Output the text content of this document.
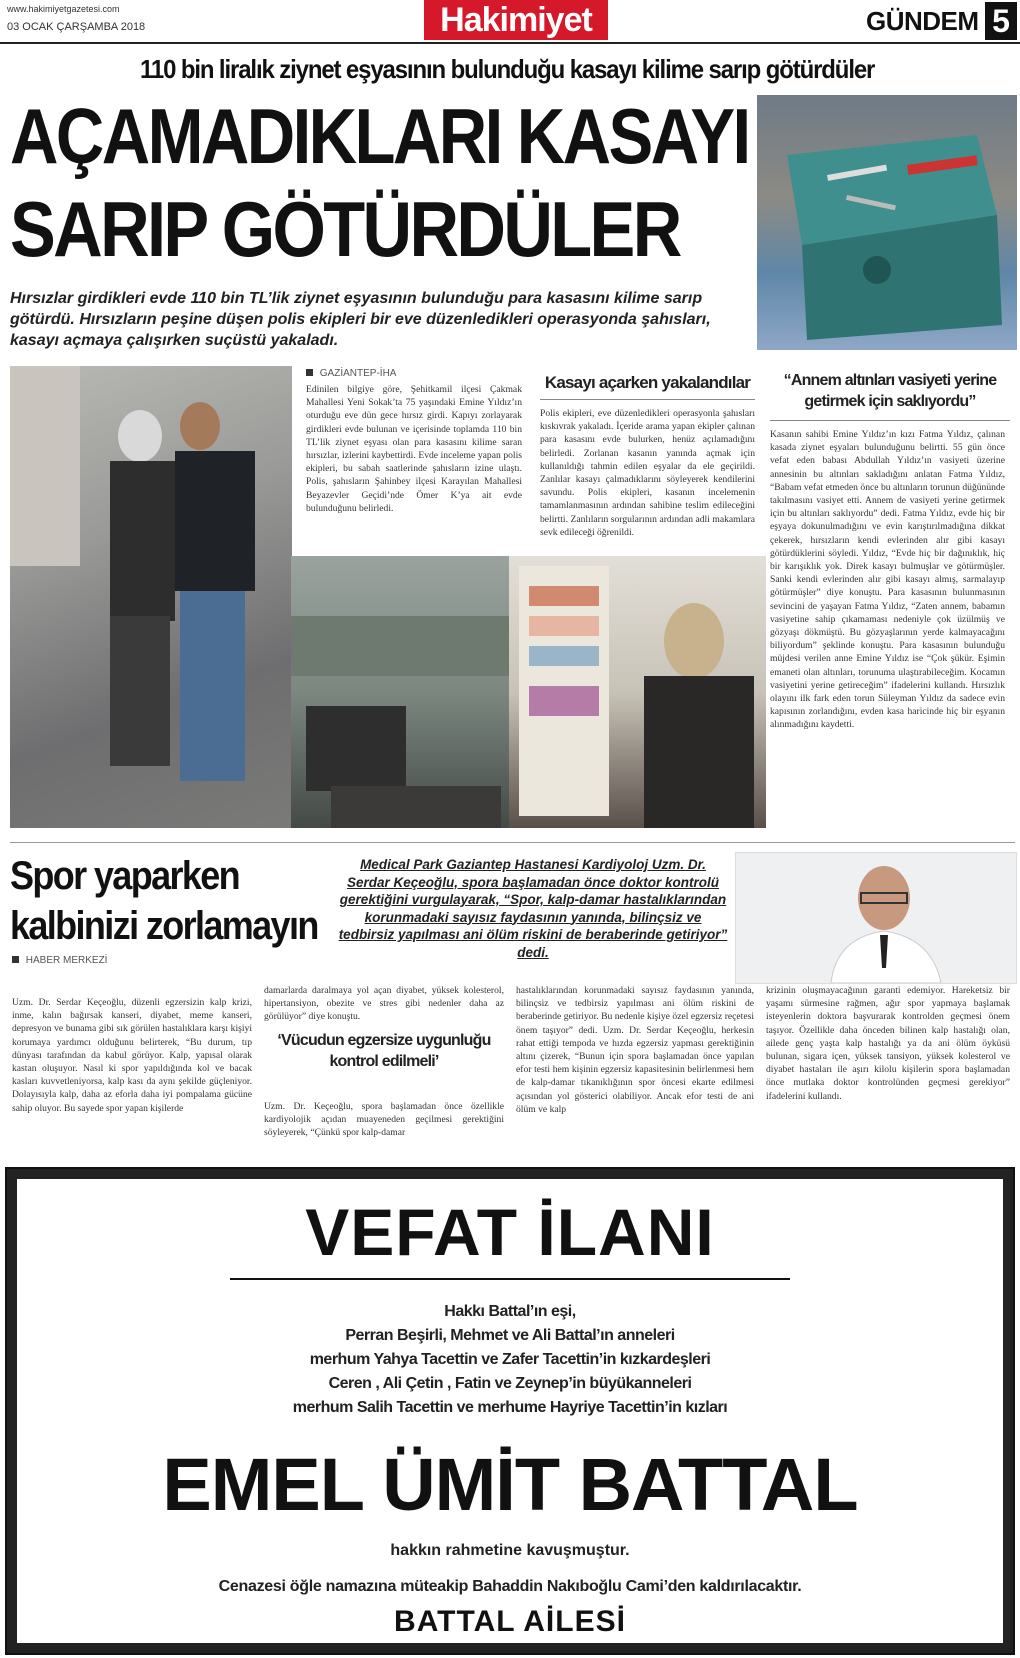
www.hakimiyetgazetesi.com
03 OCAK ÇARŞAMBA 2018	Hakimiyet	GÜNDEM 5
110 bin liralık ziynet eşyasının bulunduğu kasayı kilime sarıp götürdüler
AÇAMADIKLARI KASAYI
SARIP GÖTÜRDÜLER
Hırsızlar girdikleri evde 110 bin TL’lik ziynet eşyasının bulunduğu para kasasını kilime sarıp götürdü. Hırsızların peşine düşen polis ekipleri bir eve düzenledikleri operasyonda şahısları, kasayı açmaya çalışırken suçüstü yakaladı.
GAZİANTEP-İHA
Edinilen bilgiye göre, Şehitkamil ilçesi Çakmak Mahallesi Yeni Sokak’ta 75 yaşındaki Emine Yıldız’ın oturduğu eve dün gece hırsız girdi. Kapıyı zorlayarak girdikleri evde bulunan ve içerisinde toplamda 110 bin TL’lik ziynet eşyası olan para kasasını kilime saran hırsızlar, izlerini kaybettirdi. Evde inceleme yapan polis ekipleri, bu sabah saatlerinde şahısların izine ulaştı. Polis, şahısların Şahinbey ilçesi Karayılan Mahallesi Beyazevler Geçidi’nde Ömer K’ya ait evde bulunduğunu belirledi.
Kasayı açarken yakalandılar
Polis ekipleri, eve düzenledikleri operasyonla şahısları kıskıvrak yakaladı. İçeride arama yapan ekipler çalınan para kasasını evde bulurken, henüz açılamadığını belirledi. Zorlanan kasanın yanında açmak için kullanıldığı tahmin edilen eşyalar da ele geçirildi. Zanlılar kasayı çalmadıklarını söyleyerek kendilerini savundu. Polis ekipleri, kasanın incelemenin tamamlanmasının ardından sahibine teslim edileceğini belirtti. Zanlıların sorgularının ardından adli makamlara sevk edileceği öğrenildi.
“Annem altınları vasiyeti yerine getirmek için saklıyordu”
Kasanın sahibi Emine Yıldız’ın kızı Fatma Yıldız, çalınan kasada ziynet eşyaları bulunduğunu belirtti. 55 gün önce vefat eden babası Abdullah Yıldız’ın vasiyeti üzerine annesinin bu altınları sakladığını anlatan Fatma Yıldız, “Babam vefat etmeden önce bu altınların torunun düğününde takılmasını vasiyet etti. Annem de vasiyeti yerine getirmek için bu altınları saklıyordu” dedi. Fatma Yıldız, evde hiç bir eşyaya dokunulmadığını ve evin karıştırılmadığına dikkat çekerek, hırsızların kendi evlerinden alır gibi kasayı götürdüklerini söyledi. Yıldız, “Evde hiç bir dağınıklık, hiç bir karışıklık yok. Direk kasayı bulmuşlar ve götürmüşler. Sanki kendi evlerinden alır gibi kasayı almış, sarmalayıp götürmüşler” diye konuştu. Para kasasının bulunmasının sevincini de yaşayan Fatma Yıldız, “Zaten annem, babamın vasiyetine sahip çıkamaması nedeniyle çok üzülmüş ve gözyaşı dökmüştü. Bu gözyaşlarının yerde kalmayacağını biliyordum” şeklinde konuştu. Para kasasının bulunduğu müjdesi verilen anne Emine Yıldız ise “Çok şükür. Eşimin emaneti olan altınları, torunuma ulaştırabileceğim. Kocamın vasiyetini yerine getireceğim” ifadelerini kullandı. Hırsızlık olayını ilk fark eden torun Süleyman Yıldız da sadece evin kapısının zorlandığını, evden kasa haricinde hiç bir eşyanın alınmadığını kaydetti.
Spor yaparken
kalbinizi zorlamayın
Medical Park Gaziantep Hastanesi Kardiyoloj Uzm. Dr. Serdar Keçeoğlu, spora başlamadan önce doktor kontrolü gerektiğini vurgulayarak, “Spor, kalp-damar hastalıklarından korunmadaki sayısız faydasının yanında, bilinçsiz ve tedbirsiz yapılması ani ölüm riskini de beraberinde getiriyor” dedi.
HABER MERKEZİ
Uzm. Dr. Serdar Keçeoğlu, düzenli egzersizin kalp krizi, inme, kalın bağırsak kanseri, diyabet, meme kanseri, depresyon ve bunama gibi sık görülen hastalıklara karşı kişiyi korumaya yardımcı olduğunu belirterek, “Bu durum, tıp dünyası tarafından da kabul görüyor. Kalp, yapısal olarak kastan oluşuyor. Nasıl ki spor yapıldığında kol ve bacak kasları kuvvetleniyorsa, kalp kası da aynı şekilde güçleniyor. Dolayısıyla kalp, daha az eforla daha iyi pompalama gücüne sahip oluyor. Bu sayede spor yapan kişilerde
damarlarda daralmaya yol açan diyabet, yüksek kolesterol, hipertansiyon, obezite ve stres gibi nedenler daha az görülüyor” diye konuştu.
‘Vücudun egzersize uygunluğu kontrol edilmeli’
Uzm. Dr. Keçeoğlu, spora başlamadan önce özellikle kardiyolojik açıdan muayeneden geçilmesi gerektiğini söyleyerek, “Çünkü spor kalp-damar
hastalıklarından korunmadaki sayısız faydasının yanında, bilinçsiz ve tedbirsiz yapılması ani ölüm riskini de beraberinde getiriyor. Bu nedenle kişiye özel egzersiz reçetesi önem taşıyor” dedi. Uzm. Dr. Serdar Keçeoğlu, herkesin rahat ettiği tempoda ve hızda egzersiz yapması gerektiğinin altını çizerek, “Bunun için spora başlamadan önce yapılan efor testi hem kişinin egzersiz kapasitesinin belirlenmesi hem de kalp-damar tıkanıklığının spor öncesi ekarte edilmesi açısından yol gösterici olabiliyor. Ancak efor testi de ani ölüm ve kalp
krizinin oluşmayacağının garanti edemiyor. Hareketsiz bir yaşamı sürmesine rağmen, ağır spor yapmaya başlamak isteyenlerin doktora başvurarak kontrolden geçmesi önem taşıyor. Özellikle daha önceden bilinen kalp hastalığı olan, ailede genç yaşta kalp hastalığı ya da ani ölüm öyküsü bulunan, sigara içen, yüksek tansiyon, yüksek kolesterol ve diyabet hastaları ile aşırı kilolu kişilerin spora başlamadan önce mutlaka doktor kontrolünden geçmesi gerekiyor” ifadelerini kullandı.
VEFAT İLANI
Hakkı Battal’ın eşi,
Perran Beşirli, Mehmet ve Ali Battal’ın anneleri
merhum Yahya Tacettin ve Zafer Tacettin’in kızkardeşleri
Ceren , Ali Çetin , Fatin ve Zeynep’in büyükanneleri
merhum Salih Tacettin ve merhume Hayriye Tacettin’in kızları
EMEL ÜMİT BATTAL
hakkın rahmetine kavuşmuştur.
Cenazesi öğle namazına müteakip Bahaddin Nakıboğlu Cami’den kaldırılacaktır.
BATTAL AİLESİ
